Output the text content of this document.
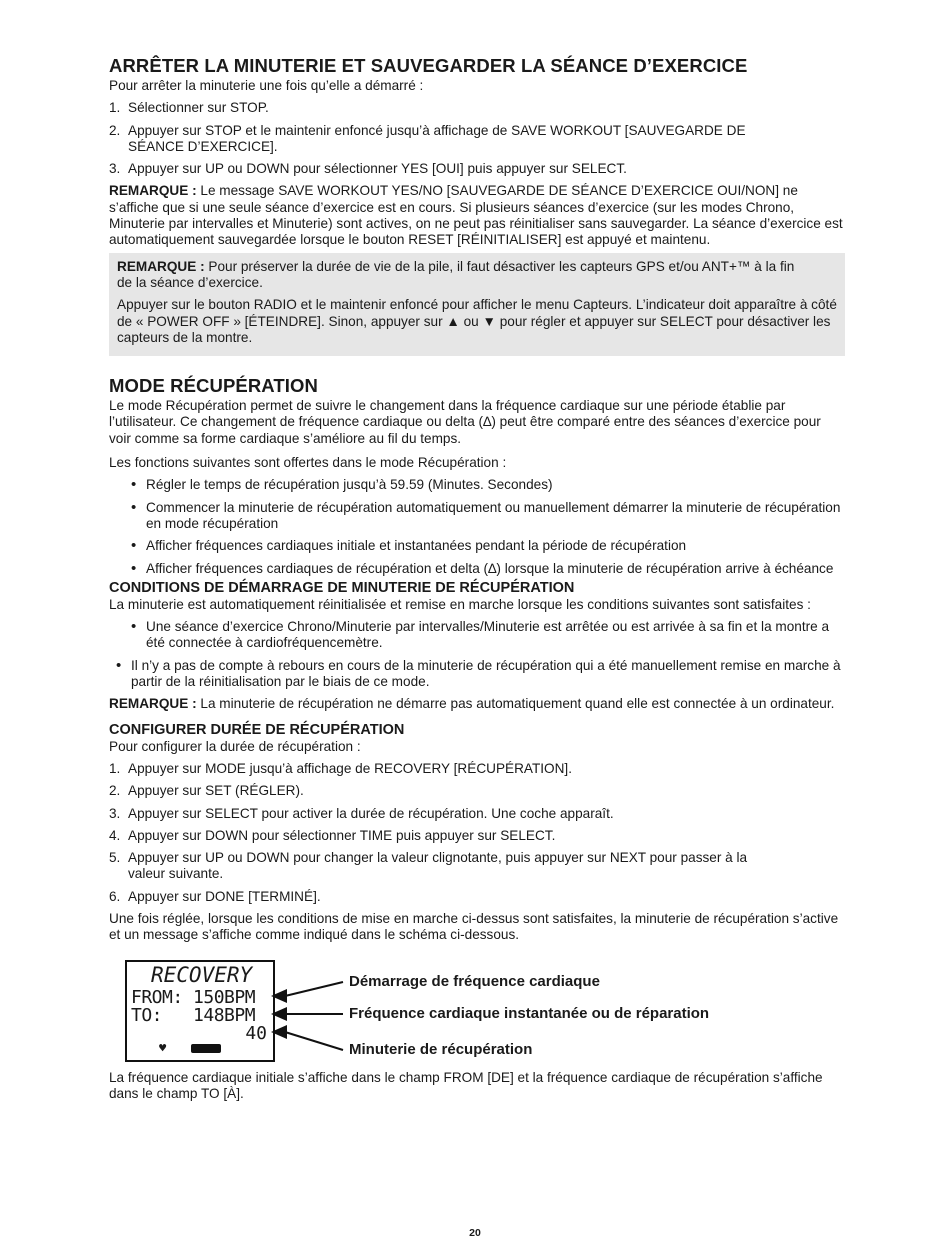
ARRÊTER LA MINUTERIE ET SAUVEGARDER LA SÉANCE D’EXERCICE

Pour arrêter la minuterie une fois qu’elle a démarré :

1. Sélectionner sur STOP.
2. Appuyer sur STOP et le maintenir enfoncé jusqu’à affichage de SAVE WORKOUT [SAUVEGARDE DE SÉANCE D’EXERCICE].
3. Appuyer sur UP ou DOWN pour sélectionner YES [OUI] puis appuyer sur SELECT.

REMARQUE : Le message SAVE WORKOUT YES/NO [SAUVEGARDE DE SÉANCE D’EXERCICE OUI/NON] ne s’affiche que si une seule séance d’exercice est en cours. Si plusieurs séances d’exercice (sur les modes Chrono, Minuterie par intervalles et Minuterie) sont actives, on ne peut pas réinitialiser sans sauvegarder. La séance d’exercice est automatiquement sauvegardée lorsque le bouton RESET [RÉINITIALISER] est appuyé et maintenu.

REMARQUE : Pour préserver la durée de vie de la pile, il faut désactiver les capteurs GPS et/ou ANT+™ à la fin de la séance d’exercice.

Appuyer sur le bouton RADIO et le maintenir enfoncé pour afficher le menu Capteurs. L’indicateur doit apparaître à côté de « POWER OFF » [ÉTEINDRE]. Sinon, appuyer sur ▲ ou ▼ pour régler et appuyer sur SELECT pour désactiver les capteurs de la montre.

MODE RÉCUPÉRATION

Le mode Récupération permet de suivre le changement dans la fréquence cardiaque sur une période établie par l’utilisateur. Ce changement de fréquence cardiaque ou delta (∆) peut être comparé entre des séances d’exercice pour voir comme sa forme cardiaque s’améliore au fil du temps.

Les fonctions suivantes sont offertes dans le mode Récupération :

• Régler le temps de récupération jusqu’à 59.59 (Minutes. Secondes)
• Commencer la minuterie de récupération automatiquement ou manuellement démarrer la minuterie de récupération en mode récupération
• Afficher fréquences cardiaques initiale et instantanées pendant la période de récupération
• Afficher fréquences cardiaques de récupération et delta (∆) lorsque la minuterie de récupération arrive à échéance
CONDITIONS DE DÉMARRAGE DE MINUTERIE DE RÉCUPÉRATION

La minuterie est automatiquement réinitialisée et remise en marche lorsque les conditions suivantes sont satisfaites :

• Une séance d’exercice Chrono/Minuterie par intervalles/Minuterie est arrêtée ou est arrivée à sa fin et la montre a été connectée à cardiofréquencemètre.
• Il n’y a pas de compte à rebours en cours de la minuterie de récupération qui a été manuellement remise en marche à partir de la réinitialisation par le biais de ce mode.

REMARQUE : La minuterie de récupération ne démarre pas automatiquement quand elle est connectée à un ordinateur.

CONFIGURER DURÉE DE RÉCUPÉRATION

Pour configurer la durée de récupération :

1. Appuyer sur MODE jusqu’à affichage de RECOVERY [RÉCUPÉRATION].
2. Appuyer sur SET (RÉGLER).
3. Appuyer sur SELECT pour activer la durée de récupération. Une coche apparaît.
4. Appuyer sur DOWN pour sélectionner TIME puis appuyer sur SELECT.
5. Appuyer sur UP ou DOWN pour changer la valeur clignotante, puis appuyer sur NEXT pour passer à la valeur suivante.
6. Appuyer sur DONE [TERMINÉ].

Une fois réglée, lorsque les conditions de mise en marche ci-dessus sont satisfaites, la minuterie de récupération s’active et un message s’affiche comme indiqué dans le schéma ci-dessous.

RECOVERY
FROM: 150BPM
TO:   148BPM
40
♥
Démarrage de fréquence cardiaque
Fréquence cardiaque instantanée ou de réparation
Minuterie de récupération

La fréquence cardiaque initiale s’affiche dans le champ FROM [DE] et la fréquence cardiaque de récupération s’affiche dans le champ TO [À].

20
